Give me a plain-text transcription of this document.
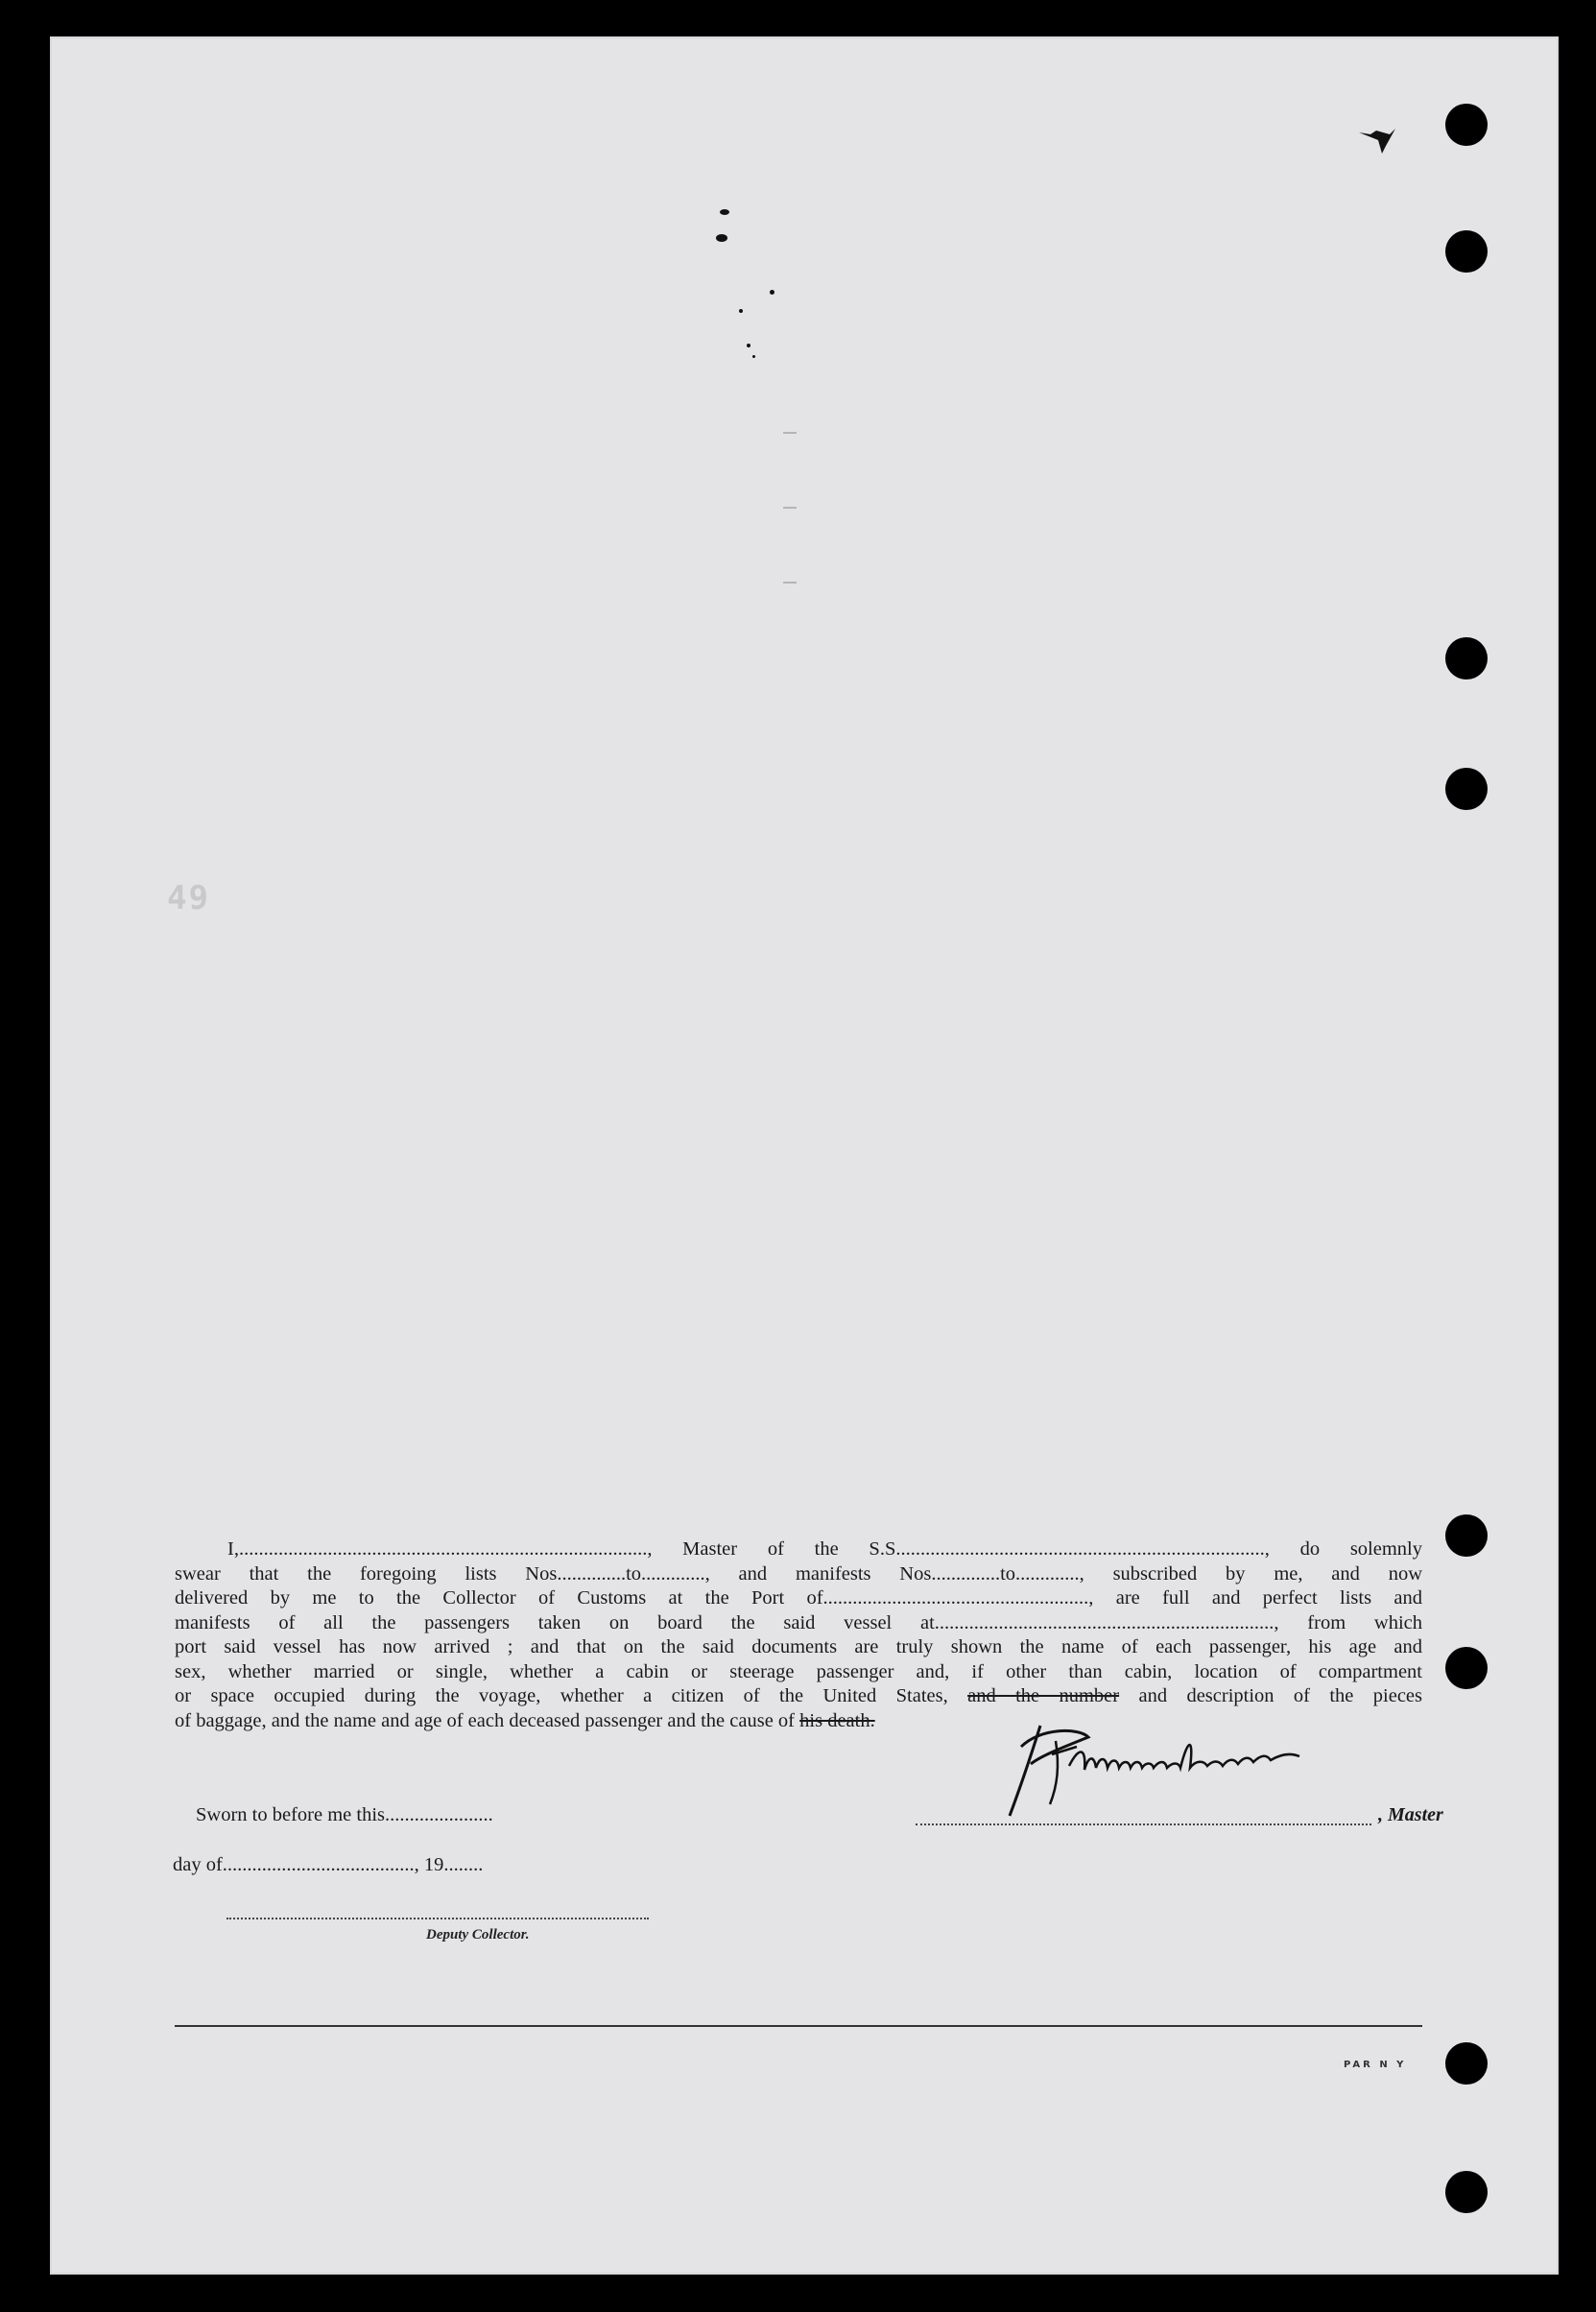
49

I,..................................................................................., Master of the S.S..........................................................................., do solemnly

swear that the foregoing lists Nos..............to............., and manifests Nos..............to............., subscribed by me, and now

delivered by me to the Collector of Customs at the Port of......................................................, are full and perfect lists and

manifests of all the passengers taken on board the said vessel at....................................................................., from which

port said vessel has now arrived ; and that on the said documents are truly shown the name of each passenger, his age and

sex, whether married or single, whether a cabin or steerage passenger and, if other than cabin, location of compartment

or space occupied during the voyage, whether a citizen of the United States, and the number and description of the pieces

of baggage, and the name and age of each deceased passenger and the cause of his death.

Sworn to before me this......................
day of......................................., 19........
Deputy Collector.
, Master
PAR N Y
